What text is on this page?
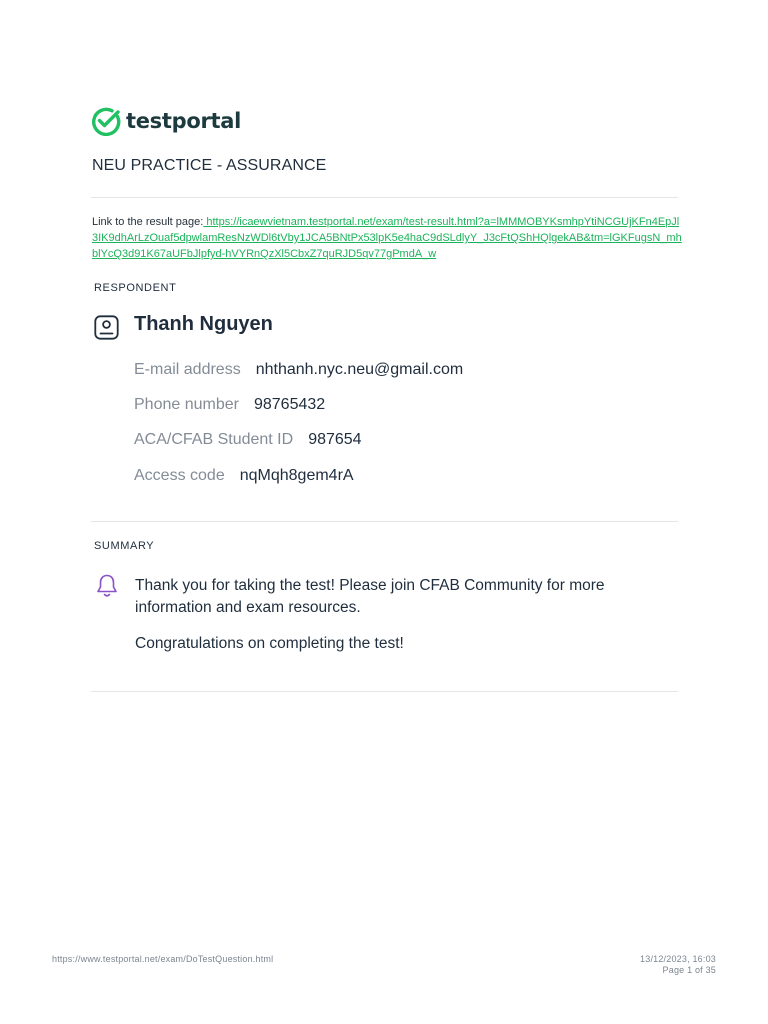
testportal
NEU PRACTICE - ASSURANCE
Link to the result page: https://icaewvietnam.testportal.net/exam/test-result.html?a=lMMMOBYKsmhpYtiNCGUjKFn4EpJl3IK9dhArLzOuaf5dpwlamResNzWDl6tVby1JCA5BNtPx53lpK5e4haC9dSLdlyY_J3cFtQShHQlgekAB&tm=lGKFugsN_mhblYcQ3d91K67aUFbJlpfyd-hVYRnQzXl5CbxZ7quRJD5qv77gPmdA_w
RESPONDENT
Thanh Nguyen
E-mail address nhthanh.nyc.neu@gmail.com
Phone number 98765432
ACA/CFAB Student ID 987654
Access code nqMqh8gem4rA
SUMMARY

Thank you for taking the test! Please join CFAB Community for more information and exam resources.

Congratulations on completing the test!

https://www.testportal.net/exam/DoTestQuestion.html	13/12/2023, 16:03
Page 1 of 35
